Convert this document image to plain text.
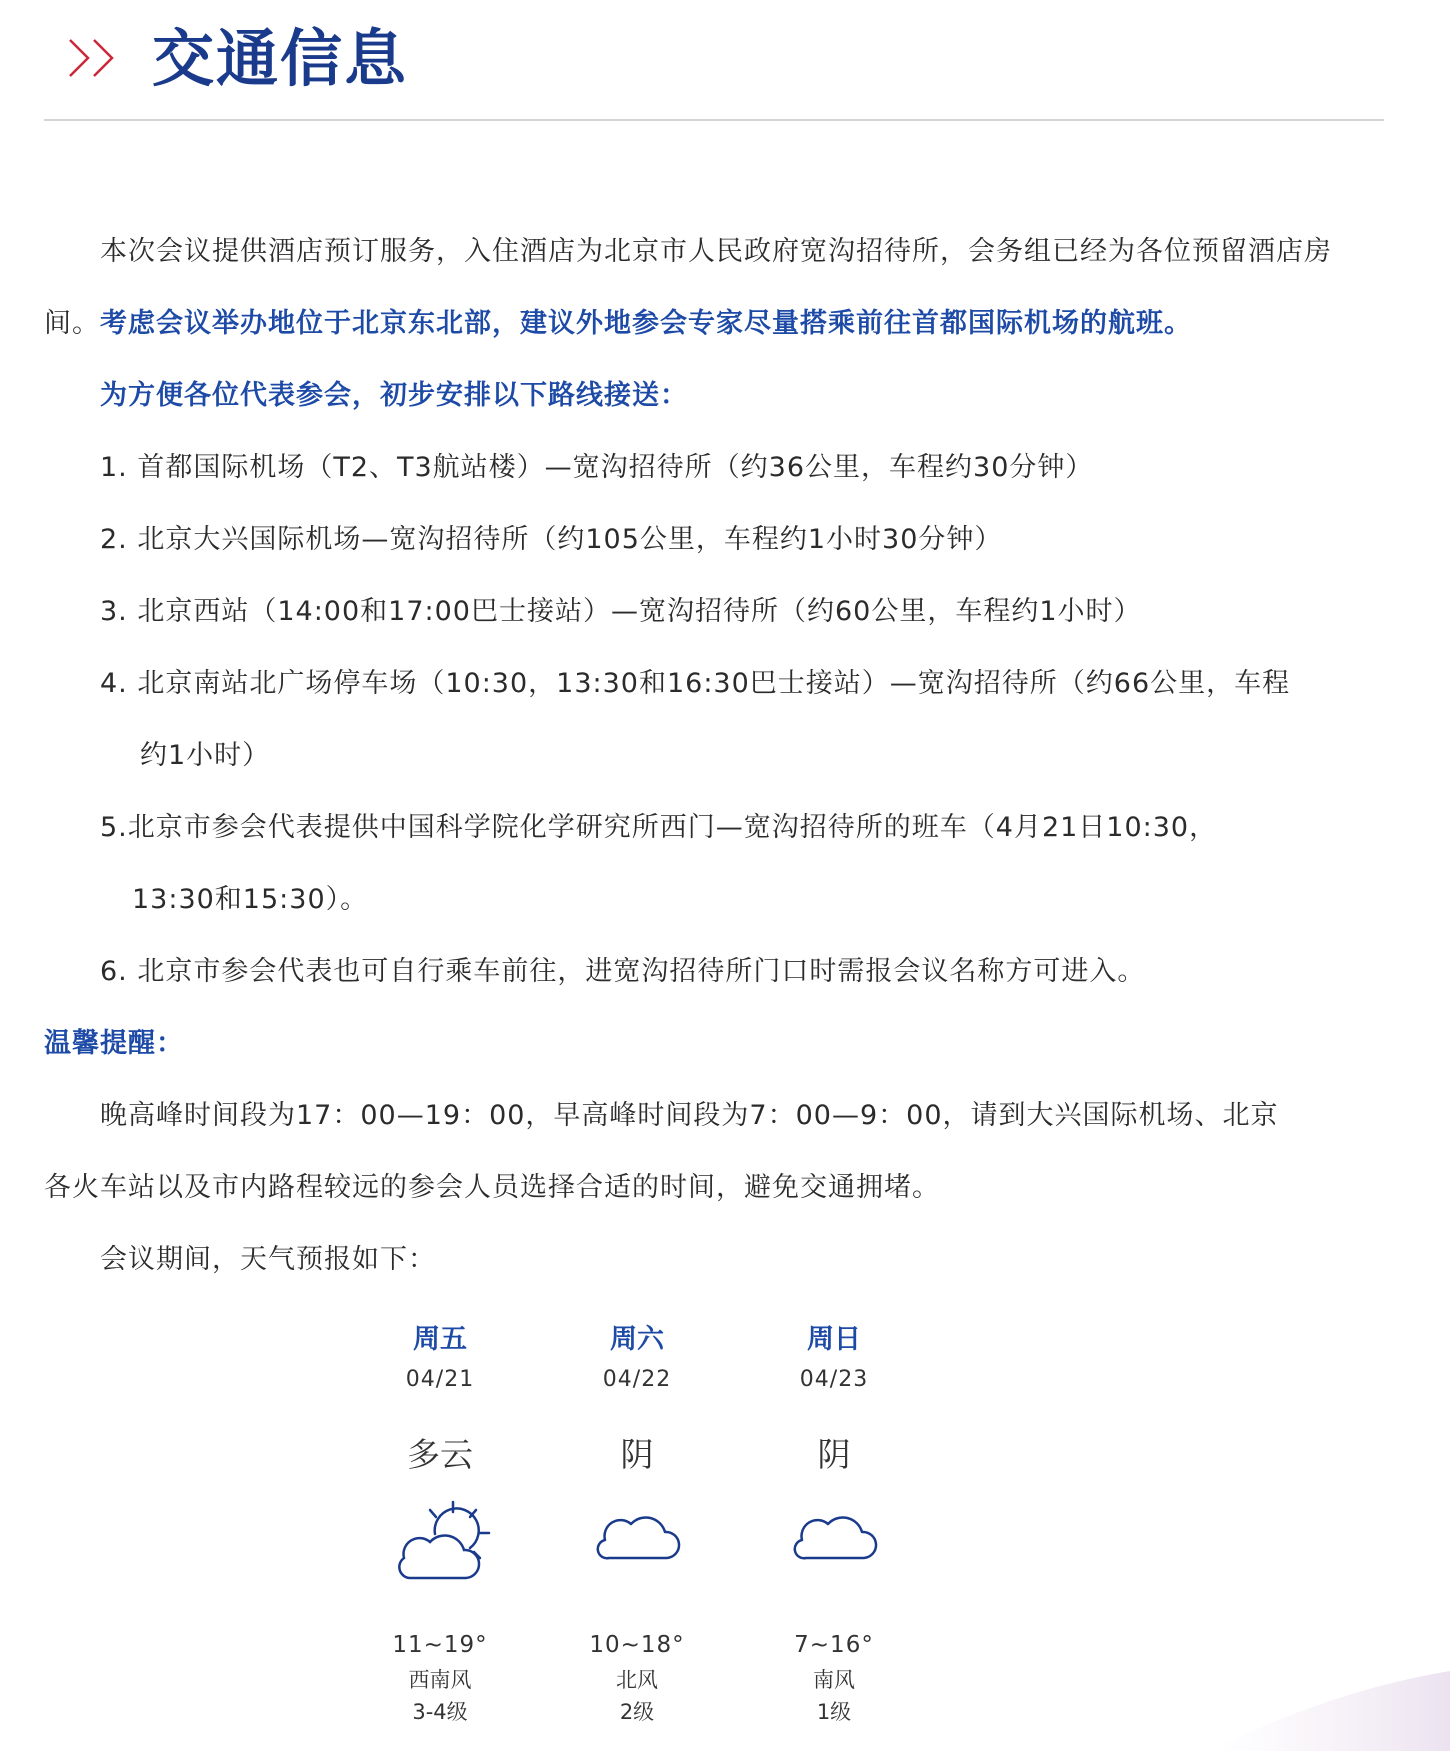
交通信息
本次会议提供酒店预订服务，入住酒店为北京市人民政府宽沟招待所，会务组已经为各位预留酒店房间。考虑会议举办地位于北京东北部，建议外地参会专家尽量搭乘前往首都国际机场的航班。
为方便各位代表参会，初步安排以下路线接送：
1. 首都国际机场（T2、T3航站楼）—宽沟招待所（约36公里，车程约30分钟）
2. 北京大兴国际机场—宽沟招待所（约105公里，车程约1小时30分钟）
3. 北京西站（14:00和17:00巴士接站）—宽沟招待所（约60公里，车程约1小时）
4. 北京南站北广场停车场（10:30，13:30和16:30巴士接站）—宽沟招待所（约66公里，车程
约1小时）
5.北京市参会代表提供中国科学院化学研究所西门—宽沟招待所的班车（4月21日10:30，
13:30和15:30）。
6. 北京市参会代表也可自行乘车前往，进宽沟招待所门口时需报会议名称方可进入。
温馨提醒：
晚高峰时间段为17：00—19：00，早高峰时间段为7：00—9：00，请到大兴国际机场、北京
各火车站以及市内路程较远的参会人员选择合适的时间，避免交通拥堵。
会议期间，天气预报如下：
周五
04/21
多云
11~19°
西南风
3-4级
周六
04/22
阴
10~18°
北风
2级
周日
04/23
阴
7~16°
南风
1级
